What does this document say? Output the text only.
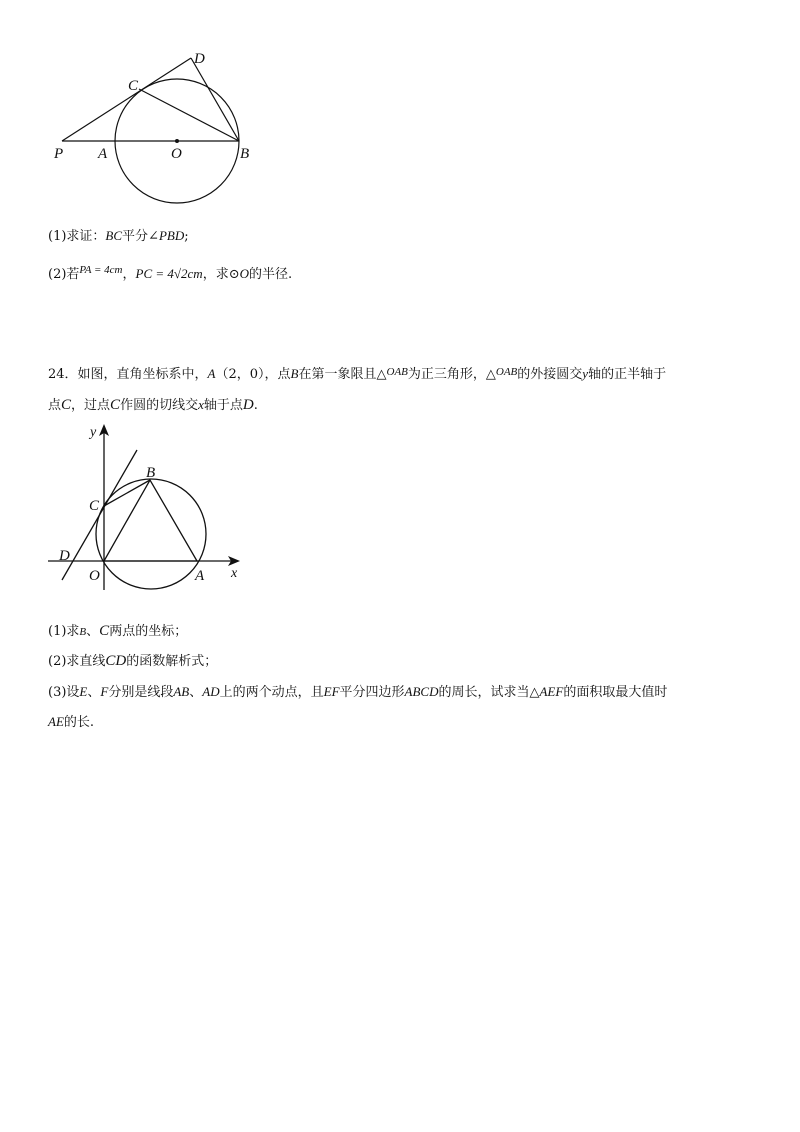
P A	O	B
C
D
(1)求证：BC平分∠PBD;
(2)若$^{PA = 4cm}$，PC = 4√2cm，求⊙O的半径.
24．如图，直角坐标系中，A（2，0），点B在第一象限且△$^{OAB}$为正三角形，△$^{OAB}$的外接圆交y轴的正半轴于
点C，过点C作圆的切线交x轴于点D.
y
x
B
C
D
O	A
(1)求B、C两点的坐标；
(2)求直线CD的函数解析式；
(3)设E、F分别是线段AB、AD上的两个动点，且EF平分四边形ABCD的周长，试求当△AEF的面积取最大值时
AE的长.
